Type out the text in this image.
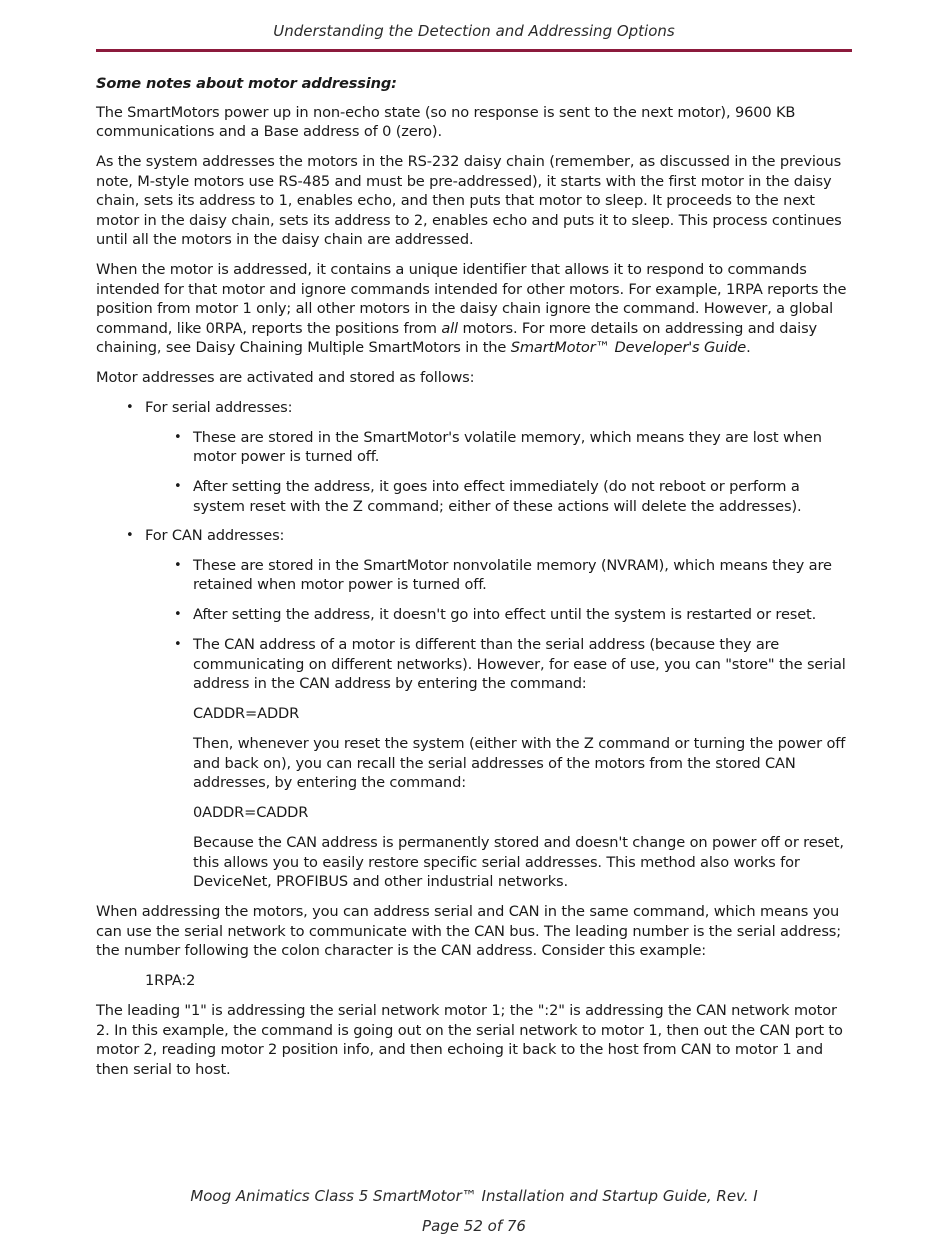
Understanding the Detection and Addressing Options

Some notes about motor addressing:

The SmartMotors power up in non-echo state (so no response is sent to the next motor), 9600 KB communications and a Base address of 0 (zero).

As the system addresses the motors in the RS-232 daisy chain (remember, as discussed in the previous note, M-style motors use RS-485 and must be pre-addressed), it starts with the first motor in the daisy chain, sets its address to 1, enables echo, and then puts that motor to sleep. It proceeds to the next motor in the daisy chain, sets its address to 2, enables echo and puts it to sleep. This process continues until all the motors in the daisy chain are addressed.

When the motor is addressed, it contains a unique identifier that allows it to respond to commands intended for that motor and ignore commands intended for other motors. For example, 1RPA reports the position from motor 1 only; all other motors in the daisy chain ignore the command. However, a global command, like 0RPA, reports the positions from all motors. For more details on addressing and daisy chaining, see Daisy Chaining Multiple SmartMotors in the SmartMotor™ Developer's Guide.

Motor addresses are activated and stored as follows:

• For serial addresses:
• These are stored in the SmartMotor's volatile memory, which means they are lost when motor power is turned off.
• After setting the address, it goes into effect immediately (do not reboot or perform a system reset with the Z command; either of these actions will delete the addresses).
• For CAN addresses:
• These are stored in the SmartMotor nonvolatile memory (NVRAM), which means they are retained when motor power is turned off.
• After setting the address, it doesn't go into effect until the system is restarted or reset.
• The CAN address of a motor is different than the serial address (because they are communicating on different networks). However, for ease of use, you can "store" the serial address in the CAN address by entering the command:

CADDR=ADDR

Then, whenever you reset the system (either with the Z command or turning the power off and back on), you can recall the serial addresses of the motors from the stored CAN addresses, by entering the command:

0ADDR=CADDR

Because the CAN address is permanently stored and doesn't change on power off or reset, this allows you to easily restore specific serial addresses. This method also works for DeviceNet, PROFIBUS and other industrial networks.

When addressing the motors, you can address serial and CAN in the same command, which means you can use the serial network to communicate with the CAN bus. The leading number is the serial address; the number following the colon character is the CAN address. Consider this example:

1RPA:2

The leading "1" is addressing the serial network motor 1; the ":2" is addressing the CAN network motor 2. In this example, the command is going out on the serial network to motor 1, then out the CAN port to motor 2, reading motor 2 position info, and then echoing it back to the host from CAN to motor 1 and then serial to host.

Moog Animatics Class 5 SmartMotor™ Installation and Startup Guide, Rev. I
Page 52 of 76
